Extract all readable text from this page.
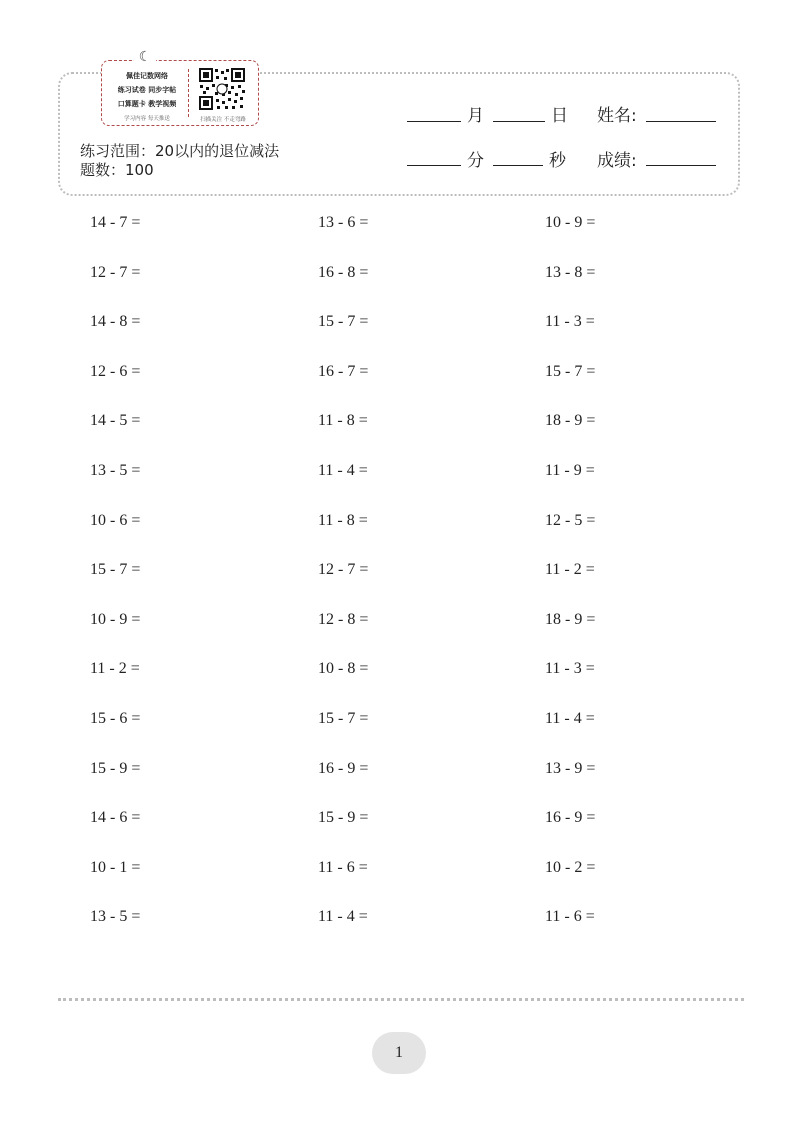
☾
佩佳记数网络
练习试卷 同步字帖
口算题卡 教学视频
学习内容 每天推送	扫描关注 不走弯路	月	日 姓名:
分	秒 成绩:
练习范围：20以内的退位减法 题数：100
14 - 7 =	13 - 6 =	10 - 9 =
12 - 7 =	16 - 8 =	13 - 8 =
14 - 8 =	15 - 7 =	11 - 3 =
12 - 6 =	16 - 7 =	15 - 7 =
14 - 5 =	11 - 8 =	18 - 9 =
13 - 5 =	11 - 4 =	11 - 9 =
10 - 6 =	11 - 8 =	12 - 5 =
15 - 7 =	12 - 7 =	11 - 2 =
10 - 9 =	12 - 8 =	18 - 9 =
11 - 2 =	10 - 8 =	11 - 3 =
15 - 6 =	15 - 7 =	11 - 4 =
15 - 9 =	16 - 9 =	13 - 9 =
14 - 6 =	15 - 9 =	16 - 9 =
10 - 1 =	11 - 6 =	10 - 2 =
13 - 5 =	11 - 4 =	11 - 6 =
1
